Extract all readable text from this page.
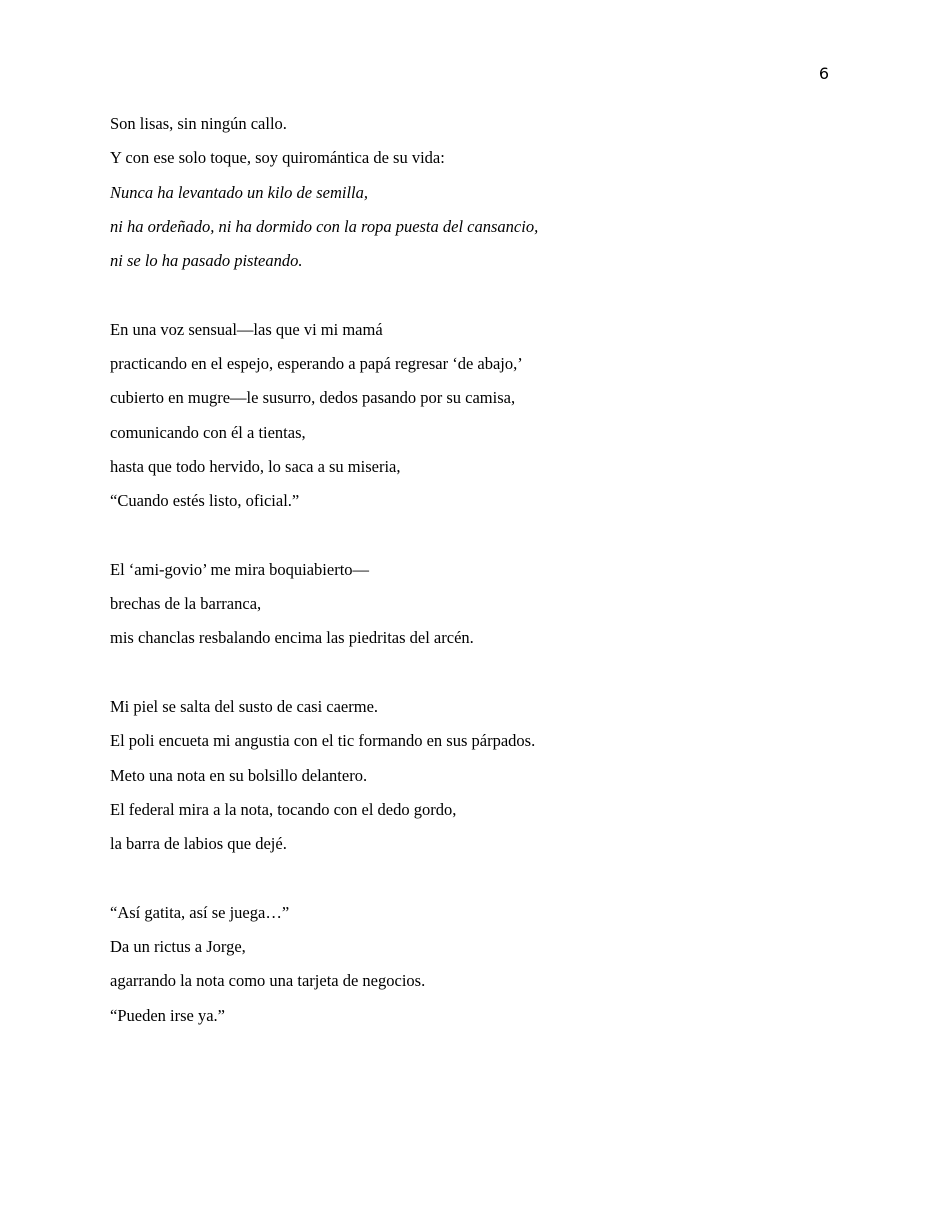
6
Son lisas, sin ningún callo.
Y con ese solo toque, soy quiromántica de su vida:
Nunca ha levantado un kilo de semilla,
ni ha ordeñado, ni ha dormido con la ropa puesta del cansancio,
ni se lo ha pasado pisteando.
En una voz sensual—las que vi mi mamá
practicando en el espejo, esperando a papá regresar ‘de abajo,’
cubierto en mugre—le susurro, dedos pasando por su camisa,
comunicando con él a tientas,
hasta que todo hervido, lo saca a su miseria,
“Cuando estés listo, oficial.”
El ‘ami-govio’ me mira boquiabierto—
brechas de la barranca,
mis chanclas resbalando encima las piedritas del arcén.
Mi piel se salta del susto de casi caerme.
El poli encueta mi angustia con el tic formando en sus párpados.
Meto una nota en su bolsillo delantero.
El federal mira a la nota, tocando con el dedo gordo,
la barra de labios que dejé.
“Así gatita, así se juega…”
Da un rictus a Jorge,
agarrando la nota como una tarjeta de negocios.
“Pueden irse ya.”
